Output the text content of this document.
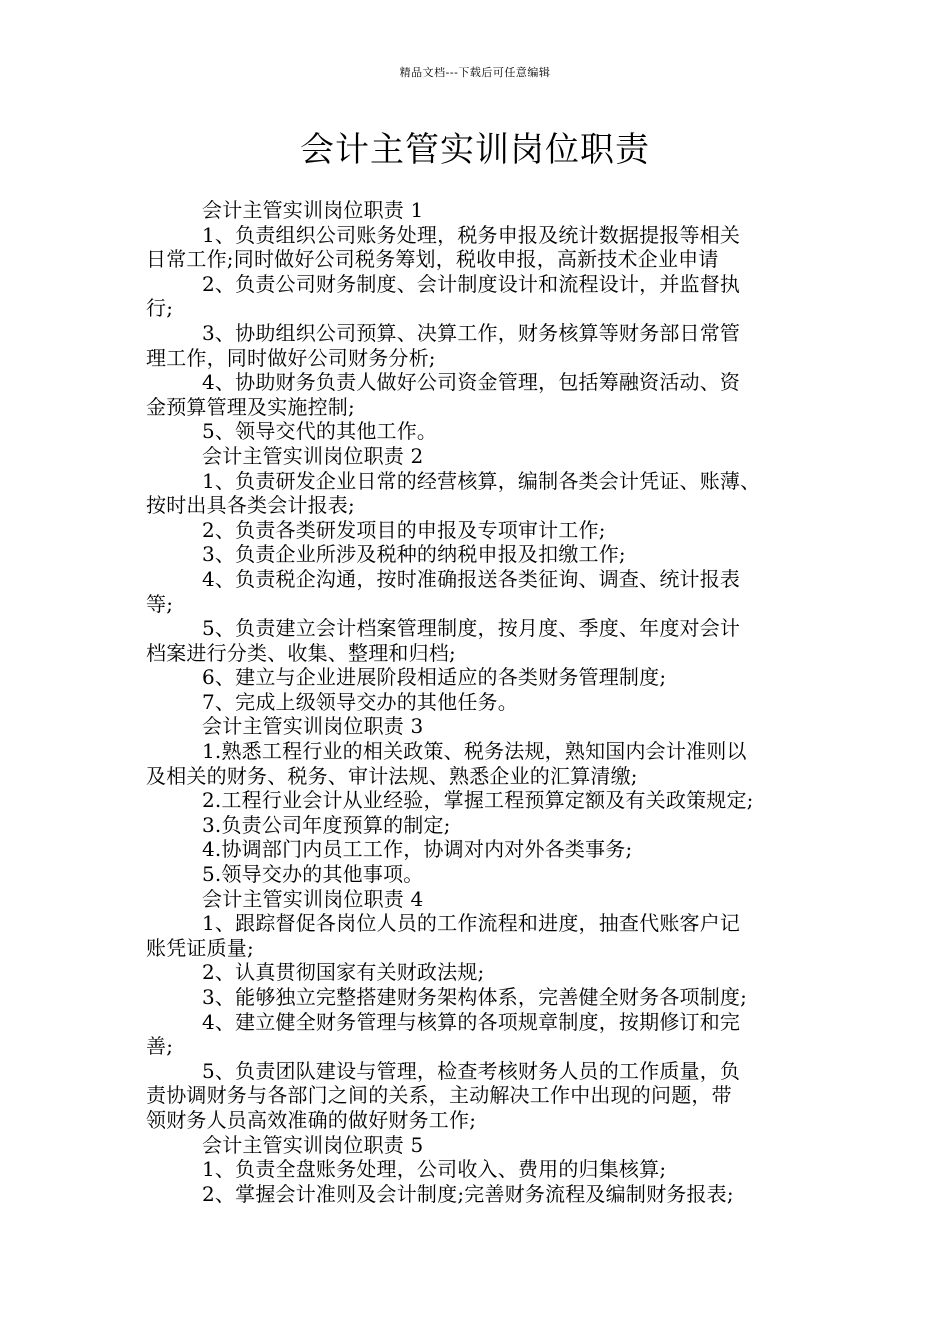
精品文档---下载后可任意编辑
会计主管实训岗位职责
会计主管实训岗位职责 1
1、负责组织公司账务处理，税务申报及统计数据提报等相关
日常工作;同时做好公司税务筹划，税收申报，高新技术企业申请
2、负责公司财务制度、会计制度设计和流程设计，并监督执
行;
3、协助组织公司预算、决算工作，财务核算等财务部日常管
理工作，同时做好公司财务分析;
4、协助财务负责人做好公司资金管理，包括筹融资活动、资
金预算管理及实施控制;
5、领导交代的其他工作。
会计主管实训岗位职责 2
1、负责研发企业日常的经营核算，编制各类会计凭证、账薄、
按时出具各类会计报表;
2、负责各类研发项目的申报及专项审计工作;
3、负责企业所涉及税种的纳税申报及扣缴工作;
4、负责税企沟通，按时准确报送各类征询、调查、统计报表
等;
5、负责建立会计档案管理制度，按月度、季度、年度对会计
档案进行分类、收集、整理和归档;
6、建立与企业进展阶段相适应的各类财务管理制度;
7、完成上级领导交办的其他任务。
会计主管实训岗位职责 3
1.熟悉工程行业的相关政策、税务法规，熟知国内会计准则以
及相关的财务、税务、审计法规、熟悉企业的汇算清缴;
2.工程行业会计从业经验，掌握工程预算定额及有关政策规定;
3.负责公司年度预算的制定;
4.协调部门内员工工作，协调对内对外各类事务;
5.领导交办的其他事项。
会计主管实训岗位职责 4
1、跟踪督促各岗位人员的工作流程和进度，抽查代账客户记
账凭证质量;
2、认真贯彻国家有关财政法规;
3、能够独立完整搭建财务架构体系，完善健全财务各项制度;
4、建立健全财务管理与核算的各项规章制度，按期修订和完
善;
5、负责团队建设与管理，检查考核财务人员的工作质量，负
责协调财务与各部门之间的关系，主动解决工作中出现的问题，带
领财务人员高效准确的做好财务工作;
会计主管实训岗位职责 5
1、负责全盘账务处理，公司收入、费用的归集核算;
2、掌握会计准则及会计制度;完善财务流程及编制财务报表;
